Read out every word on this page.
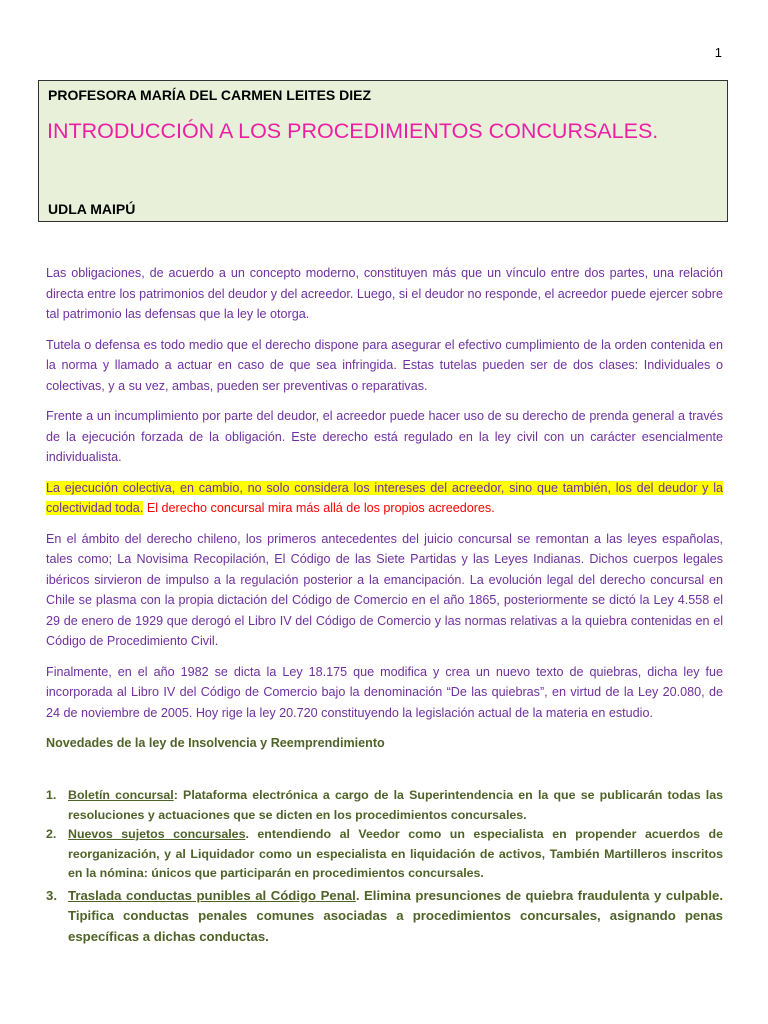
1
PROFESORA MARÍA DEL CARMEN LEITES DIEZ
INTRODUCCIÓN A LOS PROCEDIMIENTOS CONCURSALES.
UDLA MAIPÚ

Las obligaciones, de acuerdo a un concepto moderno, constituyen más que un vínculo entre dos partes, una relación directa entre los patrimonios del deudor y del acreedor. Luego, si el deudor no responde, el acreedor puede ejercer sobre tal patrimonio las defensas que la ley le otorga.

Tutela o defensa es todo medio que el derecho dispone para asegurar el efectivo cumplimiento de la orden contenida en la norma y llamado a actuar en caso de que sea infringida. Estas tutelas pueden ser de dos clases: Individuales o colectivas, y a su vez, ambas, pueden ser preventivas o reparativas.

Frente a un incumplimiento por parte del deudor, el acreedor puede hacer uso de su derecho de prenda general a través de la ejecución forzada de la obligación. Este derecho está regulado en la ley civil con un carácter esencialmente individualista.

La ejecución colectiva, en cambio, no solo considera los intereses del acreedor, sino que también, los del deudor y la colectividad toda. El derecho concursal mira más allá de los propios acreedores.

En el ámbito del derecho chileno, los primeros antecedentes del juicio concursal se remontan a las leyes españolas, tales como; La Novisima Recopilación, El Código de las Siete Partidas y las Leyes Indianas. Dichos cuerpos legales ibéricos sirvieron de impulso a la regulación posterior a la emancipación. La evolución legal del derecho concursal en Chile se plasma con la propia dictación del Código de Comercio en el año 1865, posteriormente se dictó la Ley 4.558 el 29 de enero de 1929 que derogó el Libro IV del Código de Comercio y las normas relativas a la quiebra contenidas en el Código de Procedimiento Civil.

Finalmente, en el año 1982 se dicta la Ley 18.175 que modifica y crea un nuevo texto de quiebras, dicha ley fue incorporada al Libro IV del Código de Comercio bajo la denominación “De las quiebras”, en virtud de la Ley 20.080, de 24 de noviembre de 2005. Hoy rige la ley 20.720 constituyendo la legislación actual de la materia en estudio.

Novedades de la ley de Insolvencia y Reemprendimiento

1. Boletín concursal: Plataforma electrónica a cargo de la Superintendencia en la que se publicarán todas las resoluciones y actuaciones que se dicten en los procedimientos concursales.
2. Nuevos sujetos concursales. entendiendo al Veedor como un especialista en propender acuerdos de reorganización, y al Liquidador como un especialista en liquidación de activos, También Martilleros inscritos en la nómina: únicos que participarán en procedimientos concursales.
3. Traslada conductas punibles al Código Penal. Elimina presunciones de quiebra fraudulenta y culpable. Tipifica conductas penales comunes asociadas a procedimientos concursales, asignando penas específicas a dichas conductas.
